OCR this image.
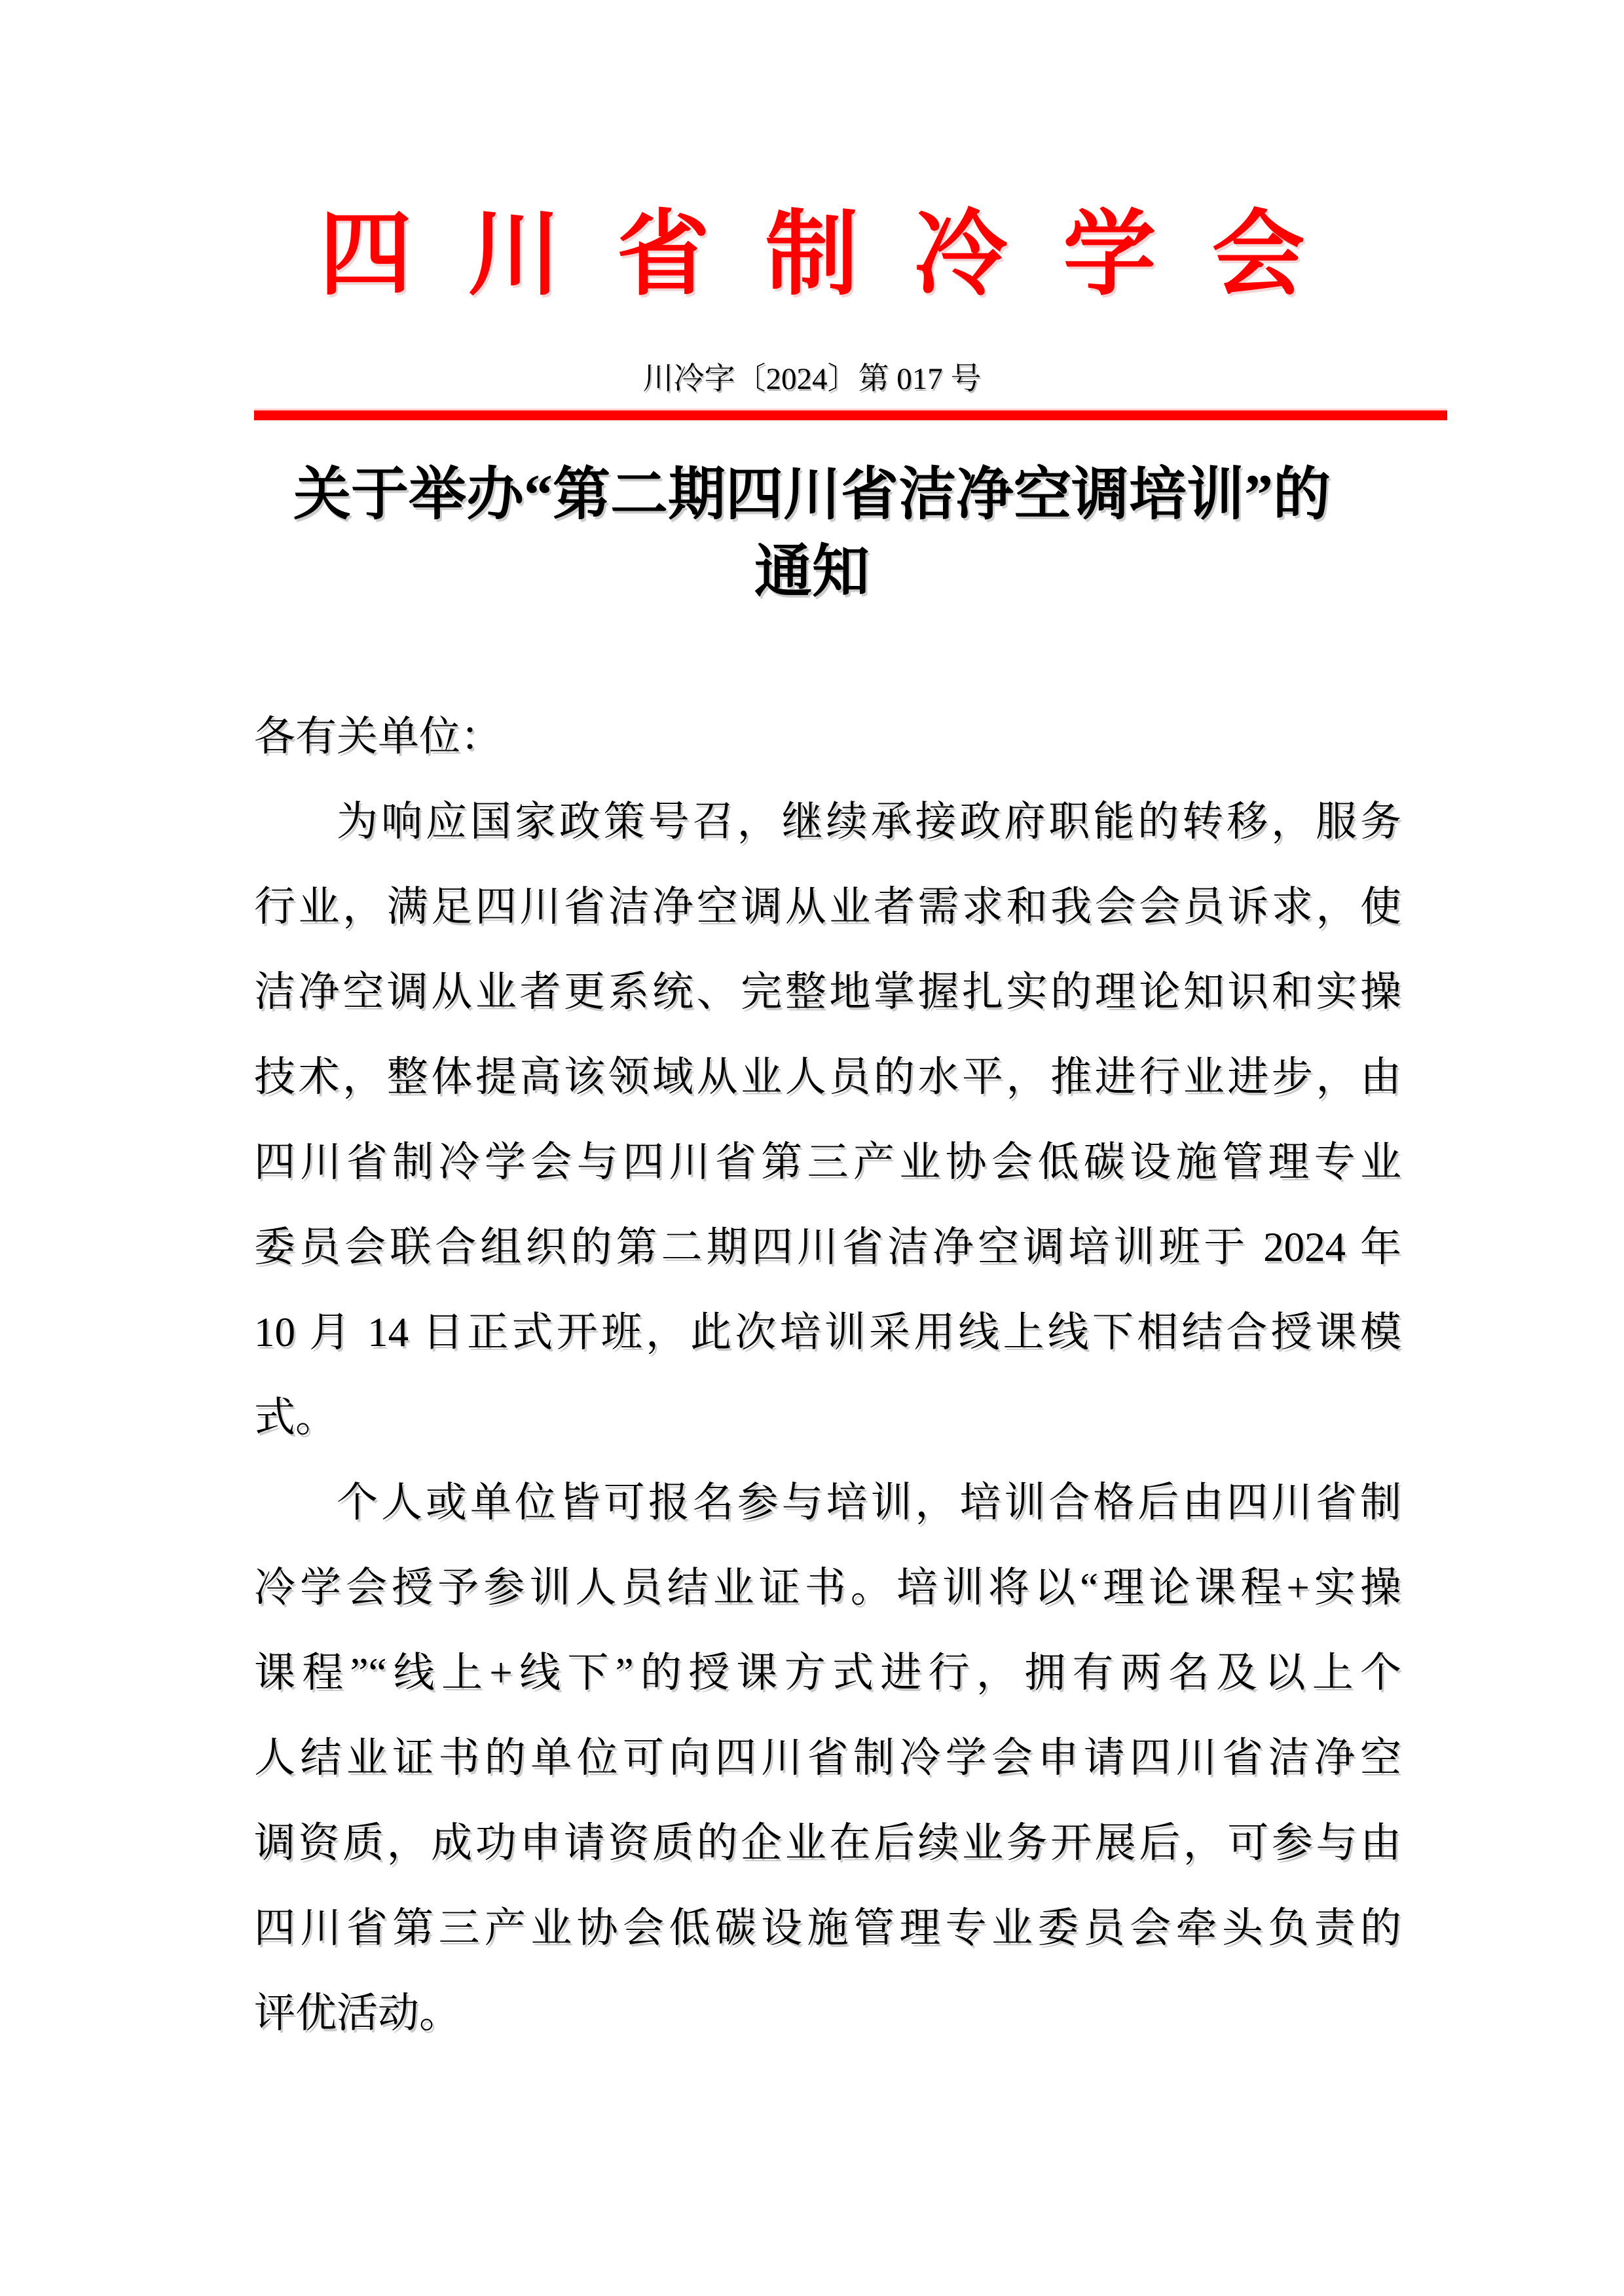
四川省制冷学会
川冷字〔2024〕第 017 号
关于举办“第二期四川省洁净空调培训”的
通知
各有关单位：
为响应国家政策号召，继续承接政府职能的转移，服务
行业，满足四川省洁净空调从业者需求和我会会员诉求，使
洁净空调从业者更系统、完整地掌握扎实的理论知识和实操
技术，整体提高该领域从业人员的水平，推进行业进步，由
四川省制冷学会与四川省第三产业协会低碳设施管理专业
委员会联合组织的第二期四川省洁净空调培训班于 2024 年
10 月 14 日正式开班，此次培训采用线上线下相结合授课模
式。
个人或单位皆可报名参与培训，培训合格后由四川省制
冷学会授予参训人员结业证书。培训将以“理论课程+实操
课程”“线上+线下”的授课方式进行，拥有两名及以上个
人结业证书的单位可向四川省制冷学会申请四川省洁净空
调资质，成功申请资质的企业在后续业务开展后，可参与由
四川省第三产业协会低碳设施管理专业委员会牵头负责的
评优活动。
